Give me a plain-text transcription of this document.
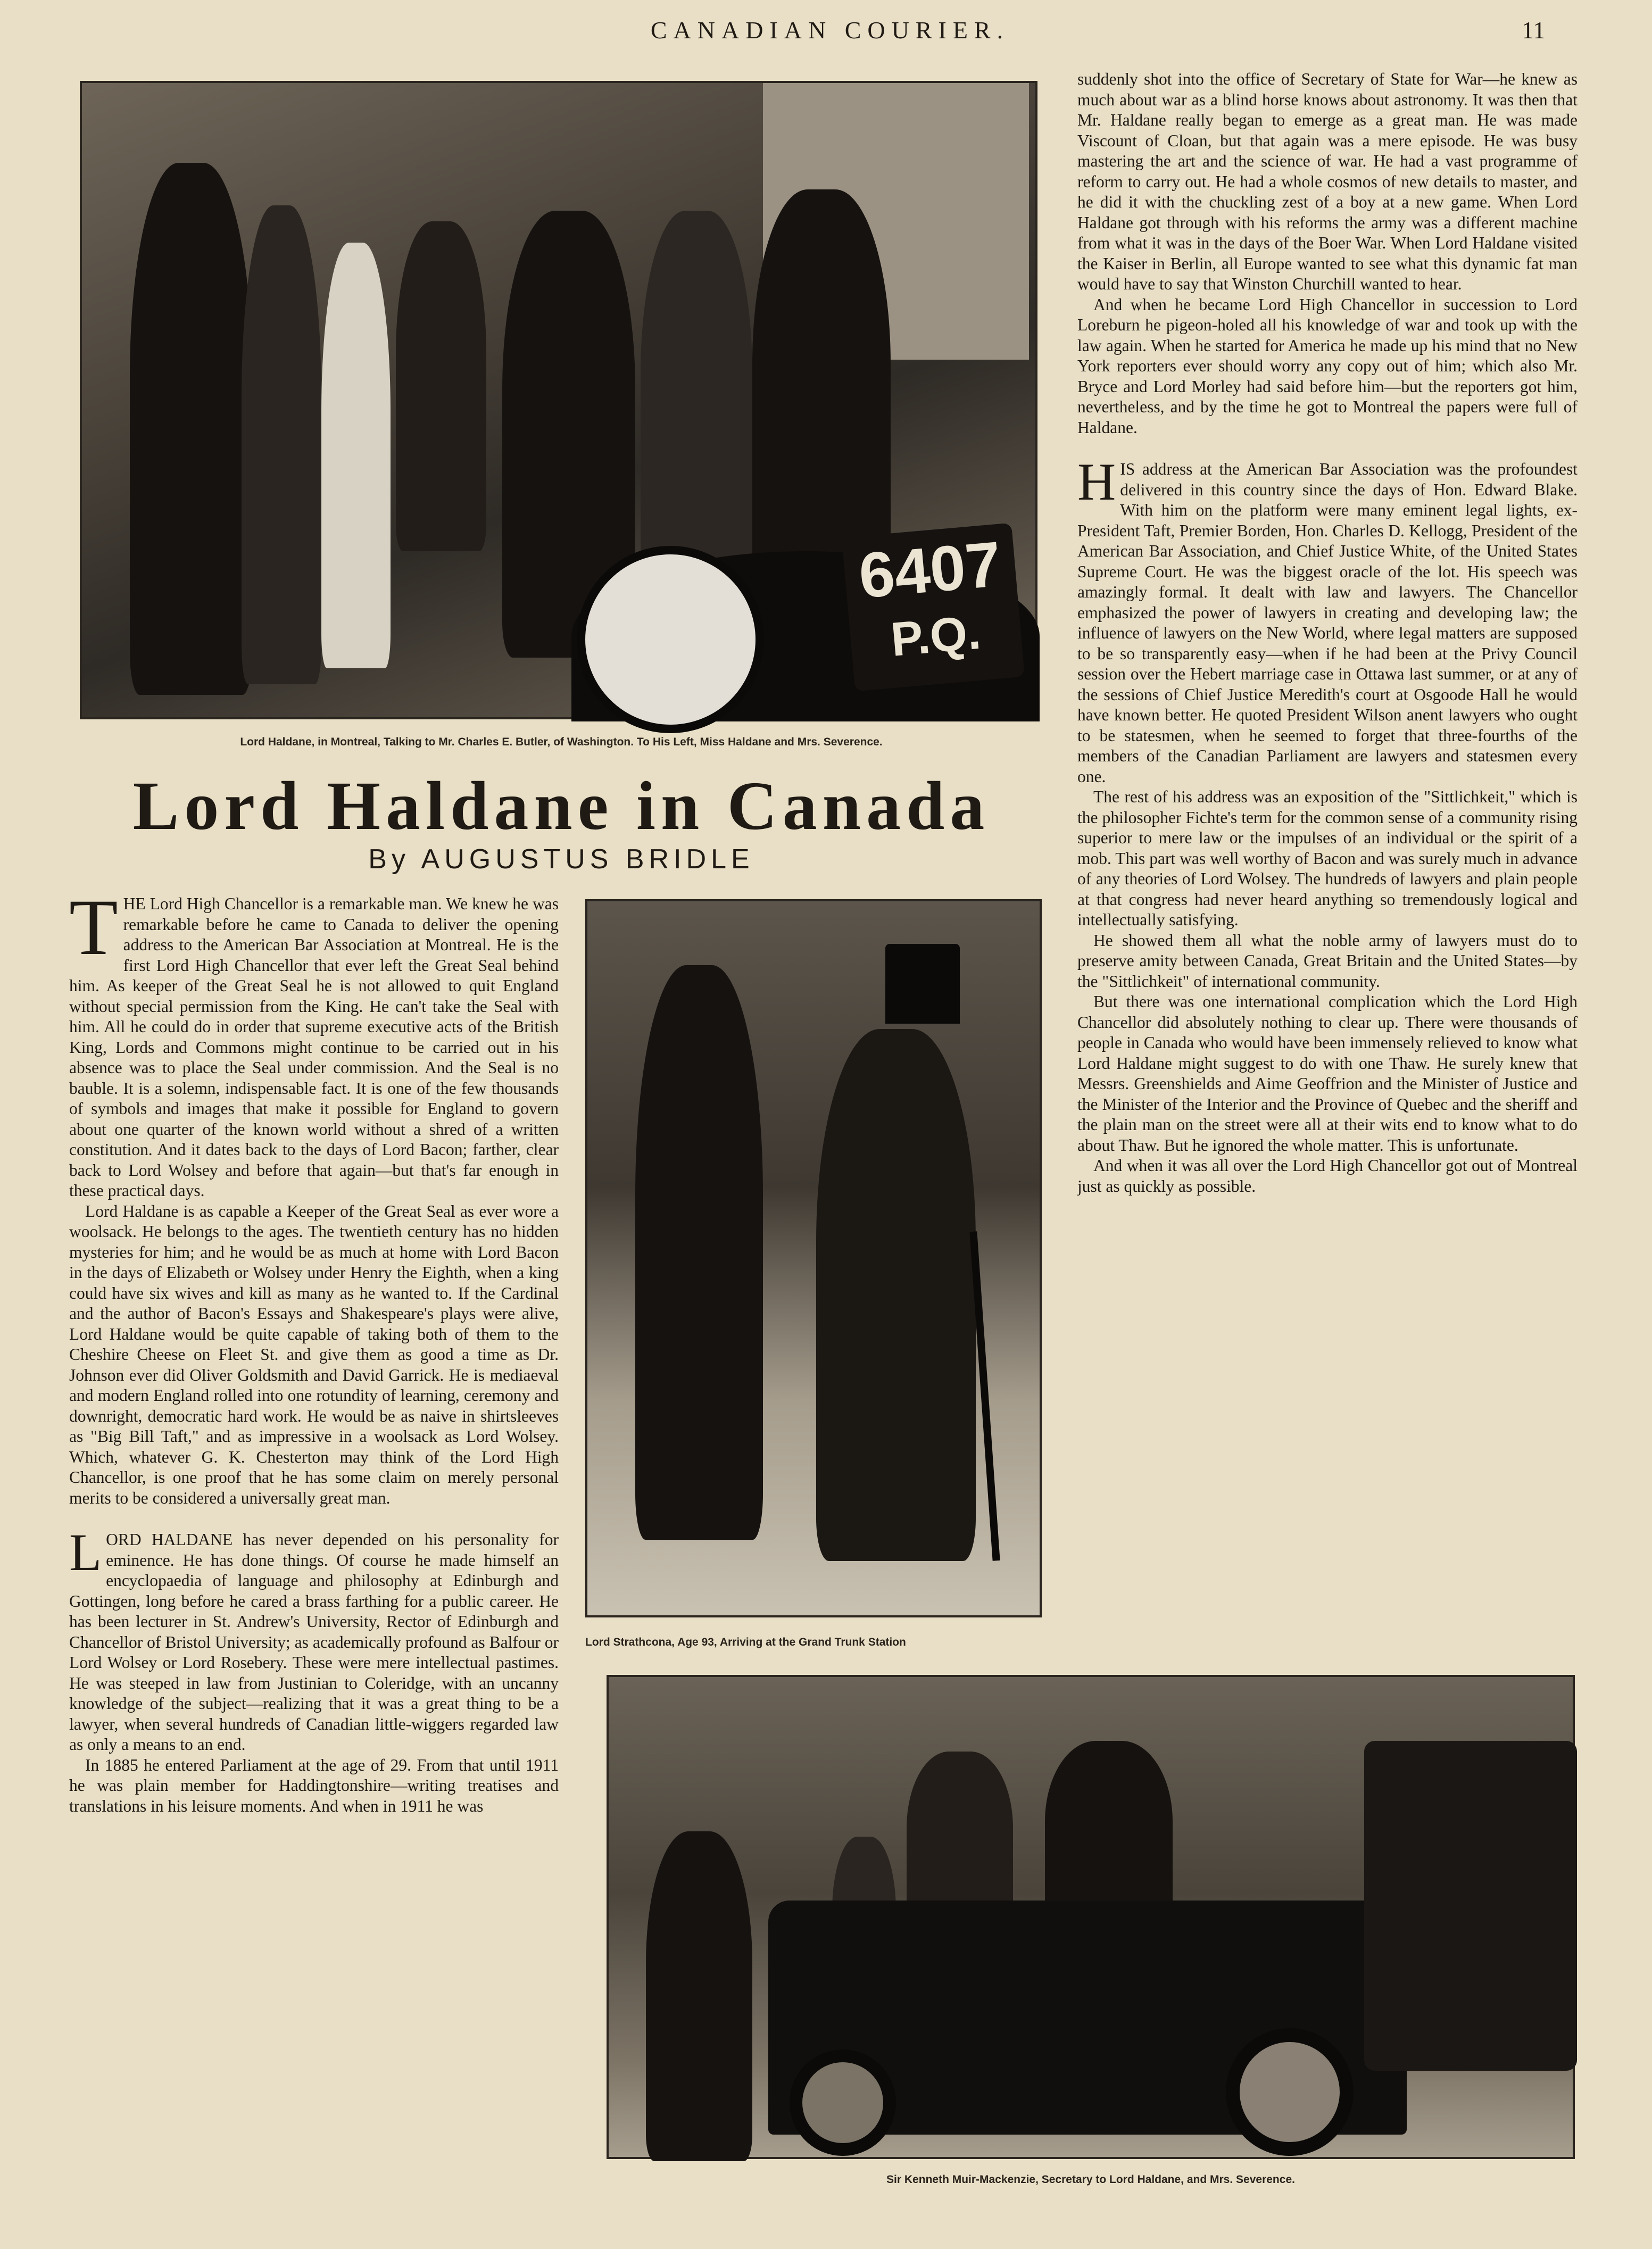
CANADIAN COURIER.	11
6407
P.Q.
Lord Haldane, in Montreal, Talking to Mr. Charles E. Butler, of Washington. To His Left, Miss Haldane and Mrs. Severence.
Lord Haldane in Canada
By AUGUSTUS BRIDLE

THE Lord High Chancellor is a remarkable man. We knew he was remarkable before he came to Canada to deliver the opening address to the American Bar Association at Montreal. He is the first Lord High Chancellor that ever left the Great Seal behind him. As keeper of the Great Seal he is not allowed to quit England without special permission from the King. He can't take the Seal with him. All he could do in order that supreme executive acts of the British King, Lords and Commons might continue to be carried out in his absence was to place the Seal under commission. And the Seal is no bauble. It is a solemn, indispensable fact. It is one of the few thousands of symbols and images that make it possible for England to govern about one quarter of the known world without a shred of a written constitution. And it dates back to the days of Lord Bacon; farther, clear back to Lord Wolsey and before that again—but that's far enough in these practical days.

Lord Haldane is as capable a Keeper of the Great Seal as ever wore a woolsack. He belongs to the ages. The twentieth century has no hidden mysteries for him; and he would be as much at home with Lord Bacon in the days of Elizabeth or Wolsey under Henry the Eighth, when a king could have six wives and kill as many as he wanted to. If the Cardinal and the author of Bacon's Essays and Shakespeare's plays were alive, Lord Haldane would be quite capable of taking both of them to the Cheshire Cheese on Fleet St. and give them as good a time as Dr. Johnson ever did Oliver Goldsmith and David Garrick. He is mediaeval and modern England rolled into one rotundity of learning, ceremony and downright, democratic hard work. He would be as naive in shirtsleeves as "Big Bill Taft," and as impressive in a woolsack as Lord Wolsey. Which, whatever G. K. Chesterton may think of the Lord High Chancellor, is one proof that he has some claim on merely personal merits to be considered a universally great man.

LORD HALDANE has never depended on his personality for eminence. He has done things. Of course he made himself an encyclopaedia of language and philosophy at Edinburgh and Gottingen, long before he cared a brass farthing for a public career. He has been lecturer in St. Andrew's University, Rector of Edinburgh and Chancellor of Bristol University; as academically profound as Balfour or Lord Wolsey or Lord Rosebery. These were mere intellectual pastimes. He was steeped in law from Justinian to Coleridge, with an uncanny knowledge of the subject—realizing that it was a great thing to be a lawyer, when several hundreds of Canadian little-wiggers regarded law as only a means to an end.

In 1885 he entered Parliament at the age of 29. From that until 1911 he was plain member for Haddingtonshire—writing treatises and translations in his leisure moments. And when in 1911 he was

Lord Strathcona, Age 93, Arriving at the Grand Trunk Station

suddenly shot into the office of Secretary of State for War—he knew as much about war as a blind horse knows about astronomy. It was then that Mr. Haldane really began to emerge as a great man. He was made Viscount of Cloan, but that again was a mere episode. He was busy mastering the art and the science of war. He had a vast programme of reform to carry out. He had a whole cosmos of new details to master, and he did it with the chuckling zest of a boy at a new game. When Lord Haldane got through with his reforms the army was a different machine from what it was in the days of the Boer War. When Lord Haldane visited the Kaiser in Berlin, all Europe wanted to see what this dynamic fat man would have to say that Winston Churchill wanted to hear.

And when he became Lord High Chancellor in succession to Lord Loreburn he pigeon-holed all his knowledge of war and took up with the law again. When he started for America he made up his mind that no New York reporters ever should worry any copy out of him; which also Mr. Bryce and Lord Morley had said before him—but the reporters got him, nevertheless, and by the time he got to Montreal the papers were full of Haldane.

HIS address at the American Bar Association was the profoundest delivered in this country since the days of Hon. Edward Blake. With him on the platform were many eminent legal lights, ex-President Taft, Premier Borden, Hon. Charles D. Kellogg, President of the American Bar Association, and Chief Justice White, of the United States Supreme Court. He was the biggest oracle of the lot. His speech was amazingly formal. It dealt with law and lawyers. The Chancellor emphasized the power of lawyers in creating and developing law; the influence of lawyers on the New World, where legal matters are supposed to be so transparently easy—when if he had been at the Privy Council session over the Hebert marriage case in Ottawa last summer, or at any of the sessions of Chief Justice Meredith's court at Osgoode Hall he would have known better. He quoted President Wilson anent lawyers who ought to be statesmen, when he seemed to forget that three-fourths of the members of the Canadian Parliament are lawyers and statesmen every one.

The rest of his address was an exposition of the "Sittlichkeit," which is the philosopher Fichte's term for the common sense of a community rising superior to mere law or the impulses of an individual or the spirit of a mob. This part was well worthy of Bacon and was surely much in advance of any theories of Lord Wolsey. The hundreds of lawyers and plain people at that congress had never heard anything so tremendously logical and intellectually satisfying.

He showed them all what the noble army of lawyers must do to preserve amity between Canada, Great Britain and the United States—by the "Sittlichkeit" of international community.

But there was one international complication which the Lord High Chancellor did absolutely nothing to clear up. There were thousands of people in Canada who would have been immensely relieved to know what Lord Haldane might suggest to do with one Thaw. He surely knew that Messrs. Greenshields and Aime Geoffrion and the Minister of Justice and the Minister of the Interior and the Province of Quebec and the sheriff and the plain man on the street were all at their wits end to know what to do about Thaw. But he ignored the whole matter. This is unfortunate.

And when it was all over the Lord High Chancellor got out of Montreal just as quickly as possible.

Sir Kenneth Muir-Mackenzie, Secretary to Lord Haldane, and Mrs. Severence.
